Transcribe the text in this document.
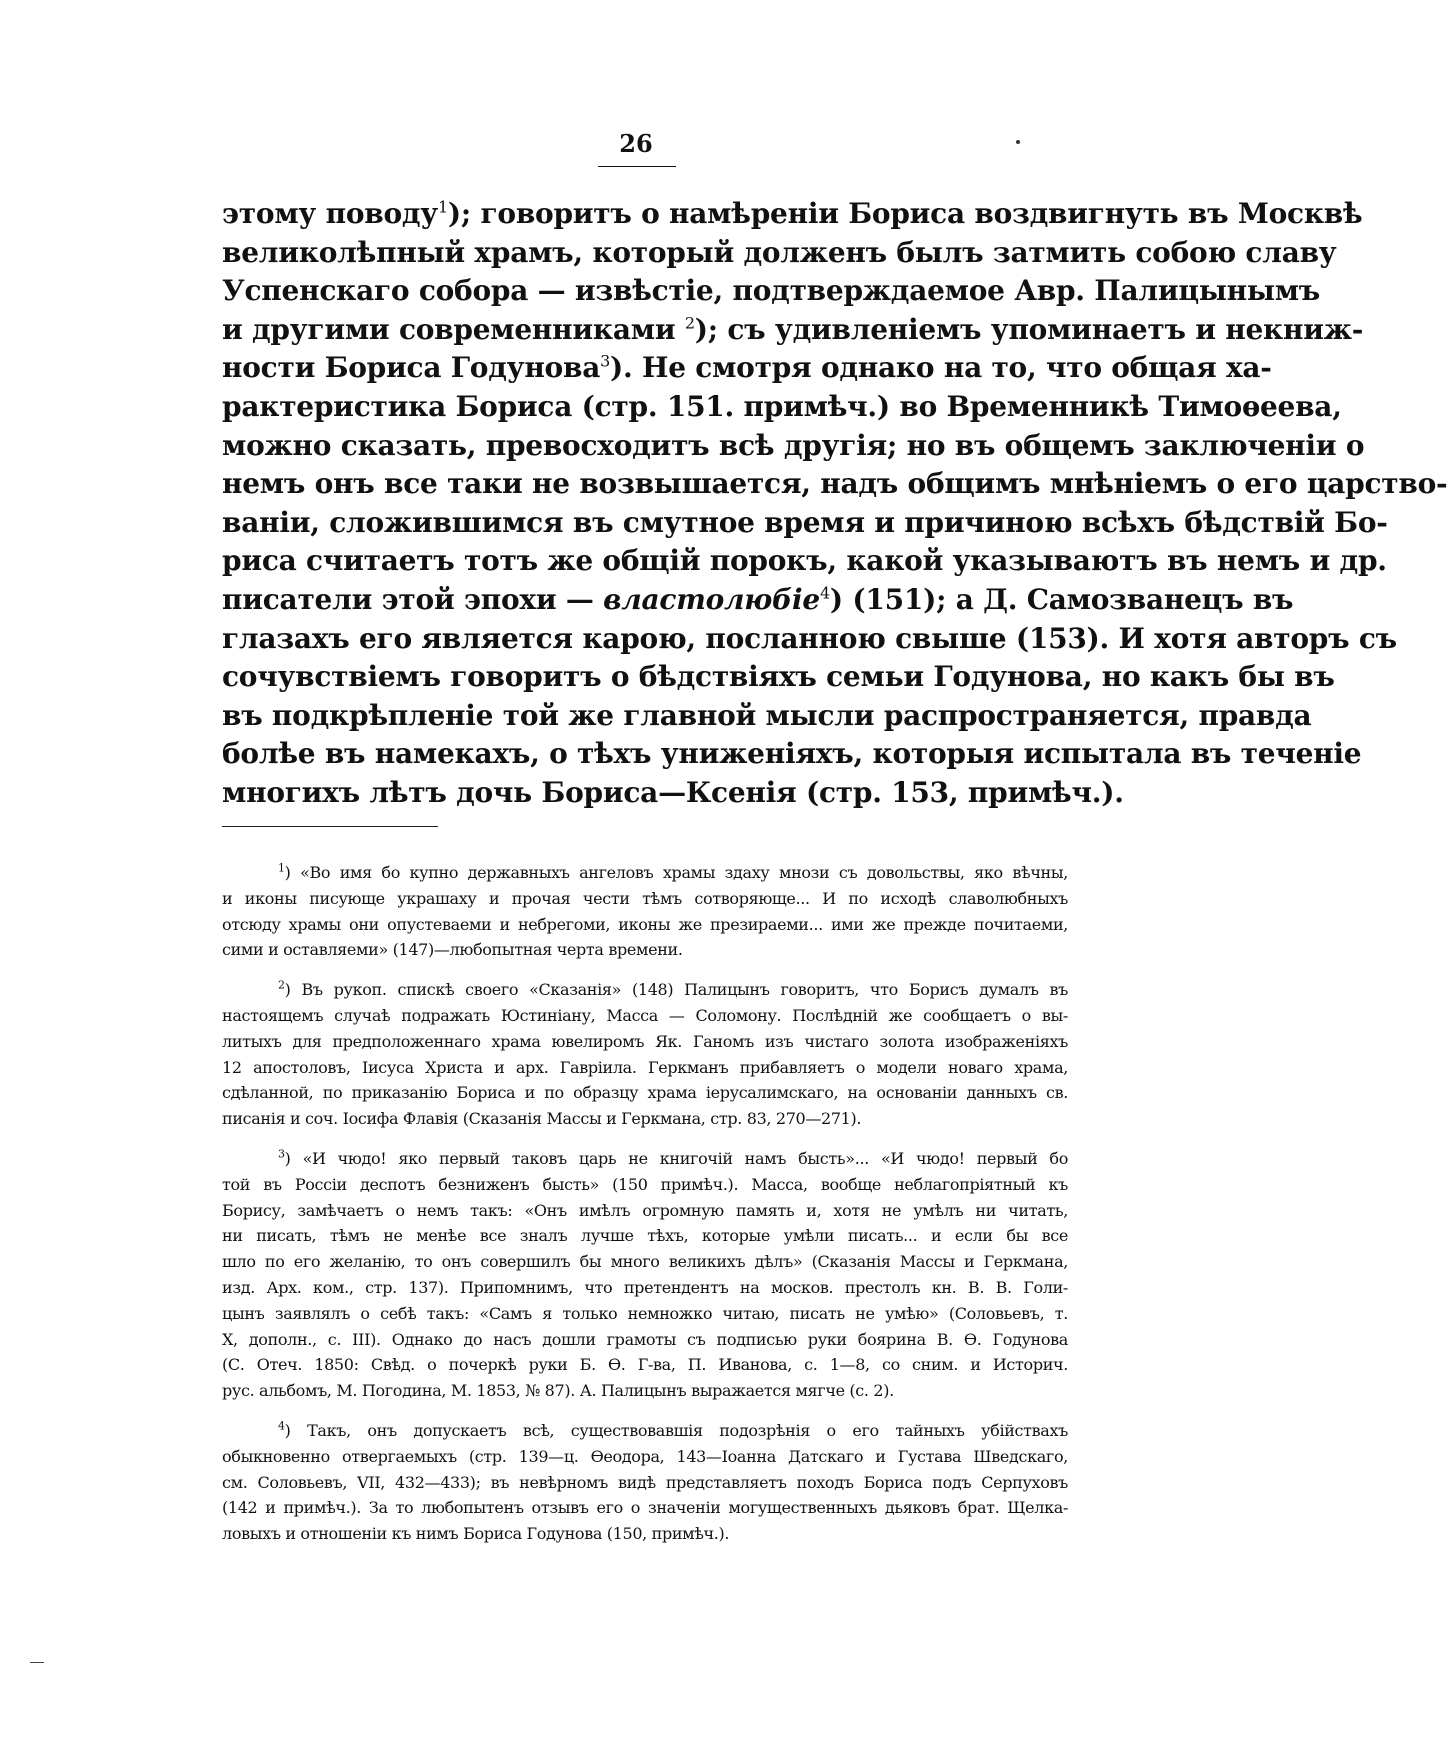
26
этому поводу$^1$); говоритъ о намѣреніи Бориса воздвигнуть въ Москвѣ
великолѣпный храмъ, который долженъ былъ затмить собою славу
Успенскаго собора — извѣстіе, подтверждаемое Авр. Палицынымъ
и другими современниками $^2$); съ удивленіемъ упоминаетъ и некниж-
ности Бориса Годунова$^3$). Не смотря однако на то, что общая ха-
рактеристика Бориса (стр. 151. примѣч.) во Временникѣ Тимоѳеева,
можно сказать, превосходитъ всѣ другія; но въ общемъ заключеніи о
немъ онъ все таки не возвышается, надъ общимъ мнѣніемъ о его царство-
ваніи, сложившимся въ смутное время и причиною всѣхъ бѣдствій Бо-
риса считаетъ тотъ же общій порокъ, какой указываютъ въ немъ и др.
писатели этой эпохи — властолюбіе$^4$) (151); а Д. Самозванецъ въ
глазахъ его является карою, посланною свыше (153). И хотя авторъ съ
сочувствіемъ говоритъ о бѣдствіяхъ семьи Годунова, но какъ бы въ
въ подкрѣпленіе той же главной мысли распространяется, правда
болѣе въ намекахъ, о тѣхъ униженіяхъ, которыя испытала въ теченіе
многихъ лѣтъ дочь Бориса—Ксенія (стр. 153, примѣч.).
$^1$) «Во имя бо купно державныхъ ангеловъ храмы здаху мнози съ довольствы, яко вѣчны,
и иконы писующе украшаху и прочая чести тѣмъ сотворяюще... И по исходѣ славолюбныхъ
отсюду храмы они опустеваеми и небрегоми, иконы же презираеми... ими же прежде почитаеми,
сими и оставляеми» (147)—любопытная черта времени.
$^2$) Въ рукоп. спискѣ своего «Сказанія» (148) Палицынъ говоритъ, что Борисъ думалъ въ
настоящемъ случаѣ подражать Юстиніану, Масса — Соломону. Послѣдній же сообщаетъ о вы-
литыхъ для предположеннаго храма ювелиромъ Як. Ганомъ изъ чистаго золота изображеніяхъ
12 апостоловъ, Іисуса Христа и арх. Гавріила. Геркманъ прибавляетъ о модели новаго храма,
сдѣланной, по приказанію Бориса и по образцу храма іерусалимскаго, на основаніи данныхъ св.
писанія и соч. Іосифа Флавія (Сказанія Массы и Геркмана, стр. 83, 270—271).
$^3$) «И чюдо! яко первый таковъ царь не книгочій намъ бысть»... «И чюдо! первый бо
той въ Россіи деспотъ безниженъ бысть» (150 примѣч.). Масса, вообще неблагопріятный къ
Борису, замѣчаетъ о немъ такъ: «Онъ имѣлъ огромную память и, хотя не умѣлъ ни читать,
ни писать, тѣмъ не менѣе все зналъ лучше тѣхъ, которые умѣли писать... и если бы все
шло по его желанію, то онъ совершилъ бы много великихъ дѣлъ» (Сказанія Массы и Геркмана,
изд. Арх. ком., стр. 137). Припомнимъ, что претендентъ на москов. престолъ кн. В. В. Голи-
цынъ заявлялъ о себѣ такъ: «Самъ я только немножко читаю, писать не умѣю» (Соловьевъ, т.
X, дополн., с. III). Однако до насъ дошли грамоты съ подписью руки боярина В. Ѳ. Годунова
(С. Отеч. 1850: Свѣд. о почеркѣ руки Б. Ѳ. Г-ва, П. Иванова, с. 1—8, со сним. и Историч.
рус. альбомъ, М. Погодина, М. 1853, № 87). А. Палицынъ выражается мягче (с. 2).
$^4$) Такъ, онъ допускаетъ всѣ, существовавшія подозрѣнія о его тайныхъ убійствахъ
обыкновенно отвергаемыхъ (стр. 139—ц. Ѳеодора, 143—Іоанна Датскаго и Густава Шведскаго,
см. Соловьевъ, VII, 432—433); въ невѣрномъ видѣ представляетъ походъ Бориса подъ Серпуховъ
(142 и примѣч.). За то любопытенъ отзывъ его о значеніи могущественныхъ дьяковъ брат. Щелка-
ловыхъ и отношеніи къ нимъ Бориса Годунова (150, примѣч.).
